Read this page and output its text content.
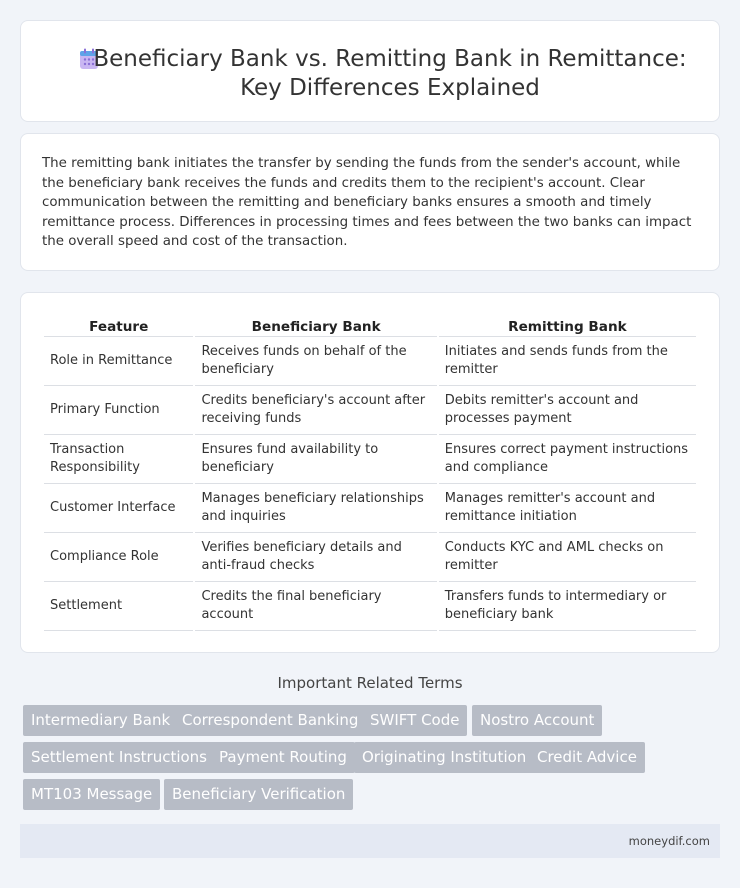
Beneficiary Bank vs. Remitting Bank in Remittance: Key Differences Explained

The remitting bank initiates the transfer by sending the funds from the sender's account, while the beneficiary bank receives the funds and credits them to the recipient's account. Clear communication between the remitting and beneficiary banks ensures a smooth and timely remittance process. Differences in processing times and fees between the two banks can impact the overall speed and cost of the transaction.

Feature	Beneficiary Bank	Remitting Bank
Role in Remittance	Receives funds on behalf of the beneficiary	Initiates and sends funds from the remitter
Primary Function	Credits beneficiary's account after receiving funds	Debits remitter's account and processes payment
Transaction Responsibility	Ensures fund availability to beneficiary	Ensures correct payment instructions and compliance
Customer Interface	Manages beneficiary relationships and inquiries	Manages remitter's account and remittance initiation
Compliance Role	Verifies beneficiary details and anti-fraud checks	Conducts KYC and AML checks on remitter
Settlement	Credits the final beneficiary account	Transfers funds to intermediary or beneficiary bank
Important Related Terms
Intermediary Bank Correspondent Banking SWIFT Code	Nostro Account
Settlement Instructions Payment Routing	Originating Institution Credit Advice
MT103 Message	Beneficiary Verification
moneydif.com
